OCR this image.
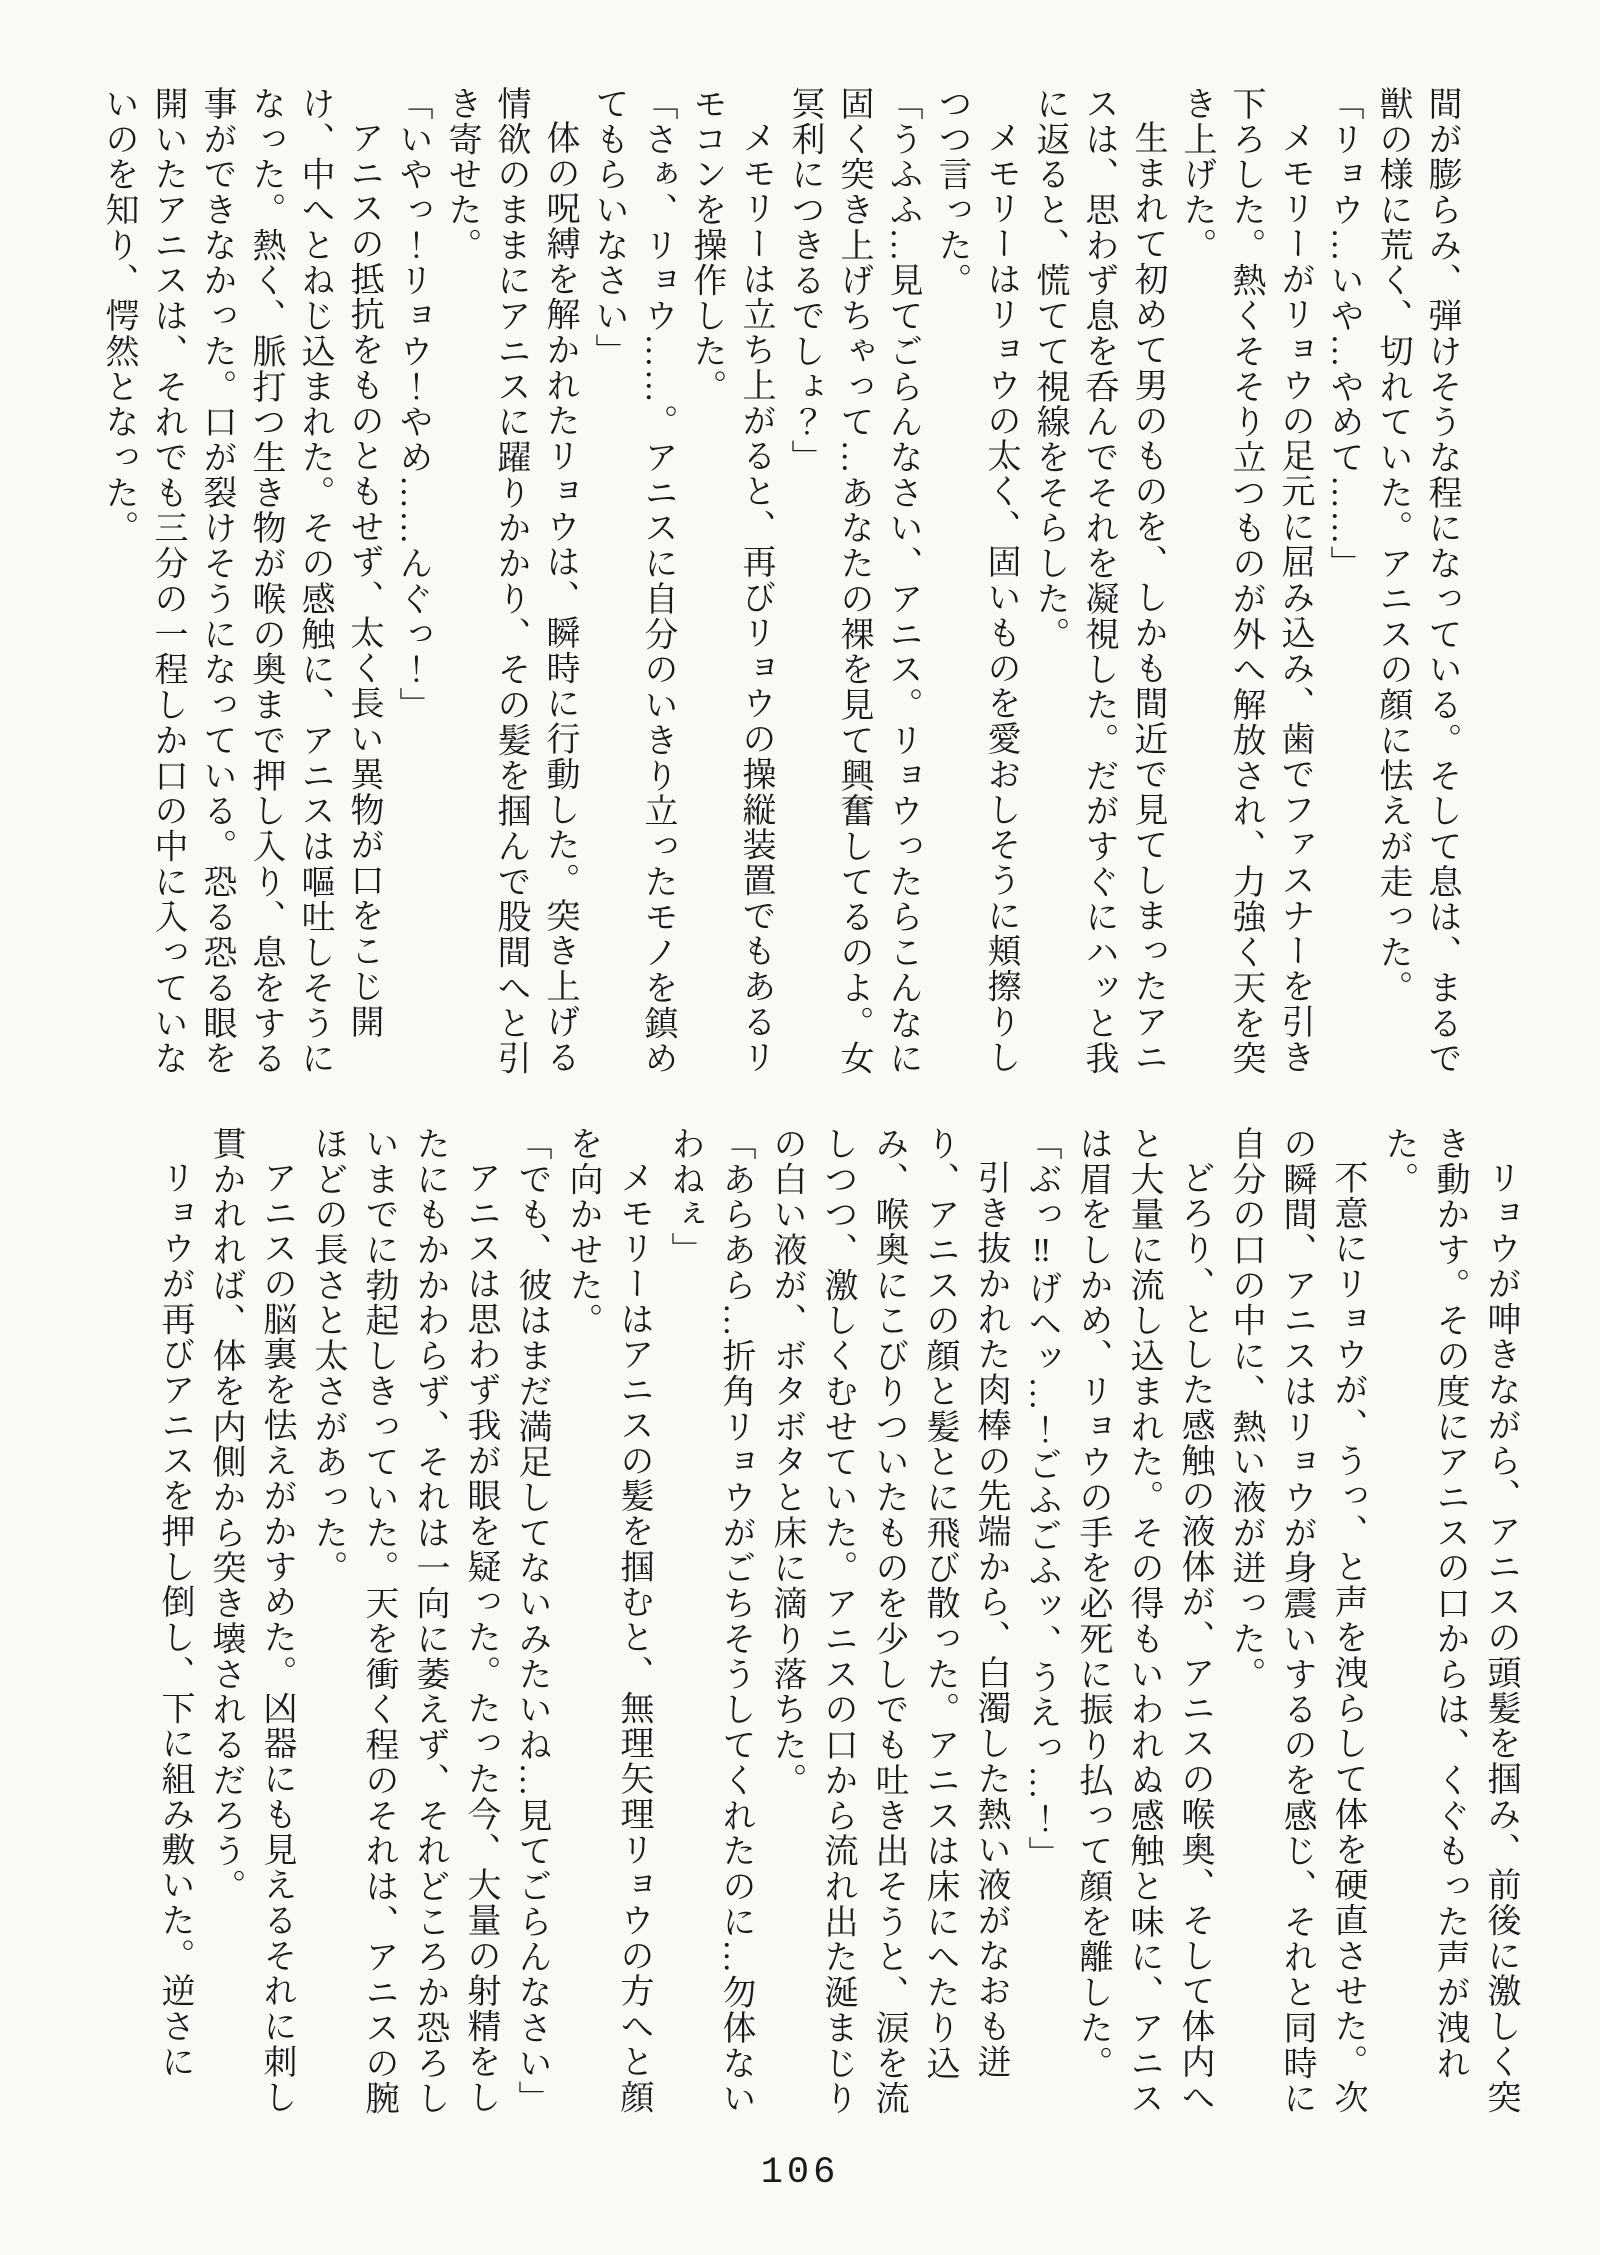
間が膨らみ、弾けそうな程になっている。そして息は、まるで獣の様に荒く、切れていた。アニスの顔に怯えが走った。

「リョウ…いや…やめて……」

メモリーがリョウの足元に屈み込み、歯でファスナーを引き下ろした。熱くそそり立つものが外へ解放され、力強く天を突き上げた。

生まれて初めて男のものを、しかも間近で見てしまったアニスは、思わず息を呑んでそれを凝視した。だがすぐにハッと我に返ると、慌てて視線をそらした。

メモリーはリョウの太く、固いものを愛おしそうに頬擦りしつつ言った。

「うふふ…見てごらんなさい、アニス。リョウったらこんなに固く突き上げちゃって…あなたの裸を見て興奮してるのよ。女冥利につきるでしょ？」

メモリーは立ち上がると、再びリョウの操縦装置でもあるリモコンを操作した。

「さぁ、リョウ……。アニスに自分のいきり立ったモノを鎮めてもらいなさい」

体の呪縛を解かれたリョウは、瞬時に行動した。突き上げる情欲のままにアニスに躍りかかり、その髪を掴んで股間へと引き寄せた。

「いやっ！リョウ！やめ……んぐっ！」

アニスの抵抗をものともせず、太く長い異物が口をこじ開け、中へとねじ込まれた。その感触に、アニスは嘔吐しそうになった。熱く、脈打つ生き物が喉の奥まで押し入り、息をする事ができなかった。口が裂けそうになっている。恐る恐る眼を開いたアニスは、それでも三分の一程しか口の中に入っていないのを知り、愕然となった。

リョウが呻きながら、アニスの頭髪を掴み、前後に激しく突き動かす。その度にアニスの口からは、くぐもった声が洩れた。

不意にリョウが、うっ、と声を洩らして体を硬直させた。次の瞬間、アニスはリョウが身震いするのを感じ、それと同時に自分の口の中に、熱い液が迸った。

どろり、とした感触の液体が、アニスの喉奥、そして体内へと大量に流し込まれた。その得もいわれぬ感触と味に、アニスは眉をしかめ、リョウの手を必死に振り払って顔を離した。

「ぶっ‼げヘッ…！ごふごふッ、うえっ…！」

引き抜かれた肉棒の先端から、白濁した熱い液がなおも迸り、アニスの顔と髪とに飛び散った。アニスは床にへたり込み、喉奥にこびりついたものを少しでも吐き出そうと、涙を流しつつ、激しくむせていた。アニスの口から流れ出た涎まじりの白い液が、ボタボタと床に滴り落ちた。

「あらあら…折角リョウがごちそうしてくれたのに…勿体ないわねぇ」

メモリーはアニスの髪を掴むと、無理矢理リョウの方へと顔を向かせた。

「でも、彼はまだ満足してないみたいね…見てごらんなさい」

アニスは思わず我が眼を疑った。たった今、大量の射精をしたにもかかわらず、それは一向に萎えず、それどころか恐ろしいまでに勃起しきっていた。天を衝く程のそれは、アニスの腕ほどの長さと太さがあった。

アニスの脳裏を怯えがかすめた。凶器にも見えるそれに刺し貫かれれば、体を内側から突き壊されるだろう。

リョウが再びアニスを押し倒し、下に組み敷いた。逆さに

106
